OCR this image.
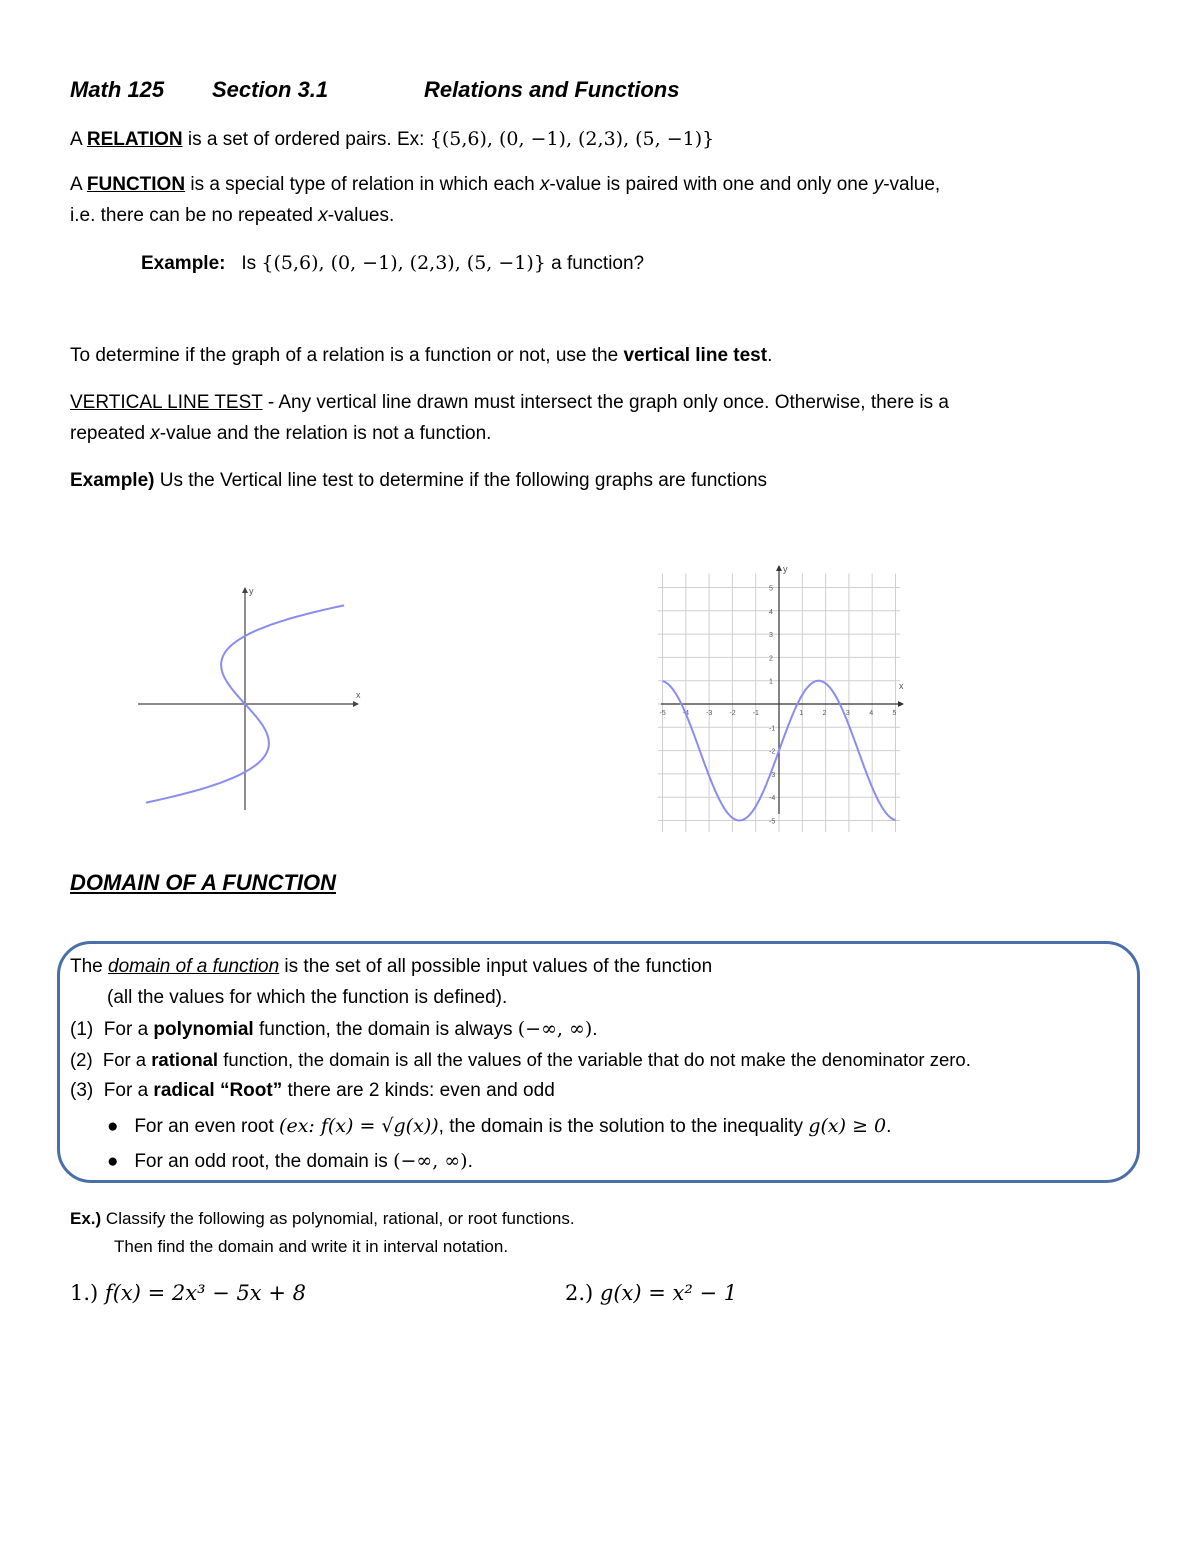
Math 125 Section 3.1	Relations and Functions
A RELATION is a set of ordered pairs. Ex: {(5,6), (0, −1), (2,3), (5, −1)}
A FUNCTION is a special type of relation in which each x-value is paired with one and only one y-value,
i.e. there can be no repeated x-values.
Example: Is {(5,6), (0, −1), (2,3), (5, −1)} a function?
To determine if the graph of a relation is a function or not, use the vertical line test.
VERTICAL LINE TEST - Any vertical line drawn must intersect the graph only once. Otherwise, there is a
repeated x-value and the relation is not a function.
Example) Us the Vertical line test to determine if the following graphs are functions
x
y
x
y
-5 -4 -3 -2 -1	1	2	3	4	5
5
4
3
2
1
-1
-2
-3
-4
-5
DOMAIN OF A FUNCTION
The domain of a function is the set of all possible input values of the function
(all the values for which the function is defined).
(1) For a polynomial function, the domain is always (−∞, ∞).
(2) For a rational function, the domain is all the values of the variable that do not make the denominator zero.
(3) For a radical “Root” there are 2 kinds: even and odd
● For an even root (ex: f(x) = √g(x)), the domain is the solution to the inequality g(x) ≥ 0.
● For an odd root, the domain is (−∞, ∞).
Ex.) Classify the following as polynomial, rational, or root functions.
Then find the domain and write it in interval notation.
1.) f(x) = 2x³ − 5x + 8	2.) g(x) = x² − 1
